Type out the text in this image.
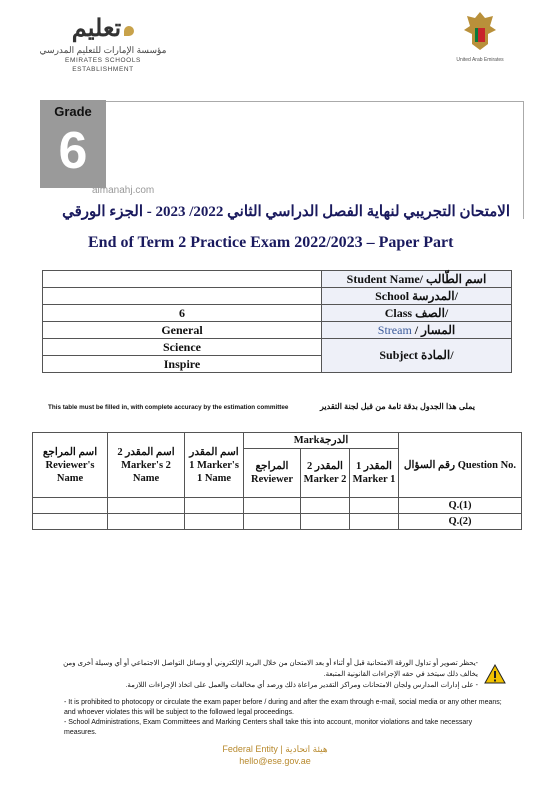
تعليم
مؤسسة الإمارات للتعليم المدرسي
EMIRATES SCHOOLS ESTABLISHMENT
United Arab Emirates
Grade
6
almanahj.com
الامتحان التجريبي لنهاية الفصل الدراسي الثاني 2022/ 2023 - الجزء الورقي
End of Term 2 Practice Exam 2022/2023 – Paper Part
	Student Name/ اسم الطّالب
	School المدرسة/
6	Class الصف/
General	Stream / المسار
Science	Subject المادة/
Inspire	
This table must be filled in, with complete accuracy by the estimation committee	يملى هذا الجدول بدقة تامة من قبل لجنة التقدير
اسم المراجع Reviewer's Name	اسم المقدر 2 Marker's 2 Name	اسم المقدر 1 Marker's 1 Name	Markالدرجة			رقم السؤال Question No.
			المراجع Reviewer	المقدر 2 Marker 2	المقدر 1 Marker 1	
						Q.(1)
						Q.(2)
-يحظر تصوير أو تداول الورقة الامتحانية قبل أو أثناء أو بعد الامتحان من خلال البريد الإلكتروني أو وسائل التواصل الاجتماعي أو أي وسيلة أخرى ومن يخالف ذلك سيتخذ في حقه الإجراءات القانونية المتبعة.
- على إدارات المدارس ولجان الامتحانات ومراكز التقدير مراعاة ذلك ورصد أي مخالفات والعمل على اتخاذ الإجراءات اللازمة.
- It is prohibited to photocopy or circulate the exam paper before / during and after the exam through e-mail, social media or any other means; and whoever violates this will be subject to the followed legal proceedings.
- School Administrations, Exam Committees and Marking Centers shall take this into account, monitor violations and take necessary measures.
Federal Entity | هيئة اتحادية
hello@ese.gov.ae
